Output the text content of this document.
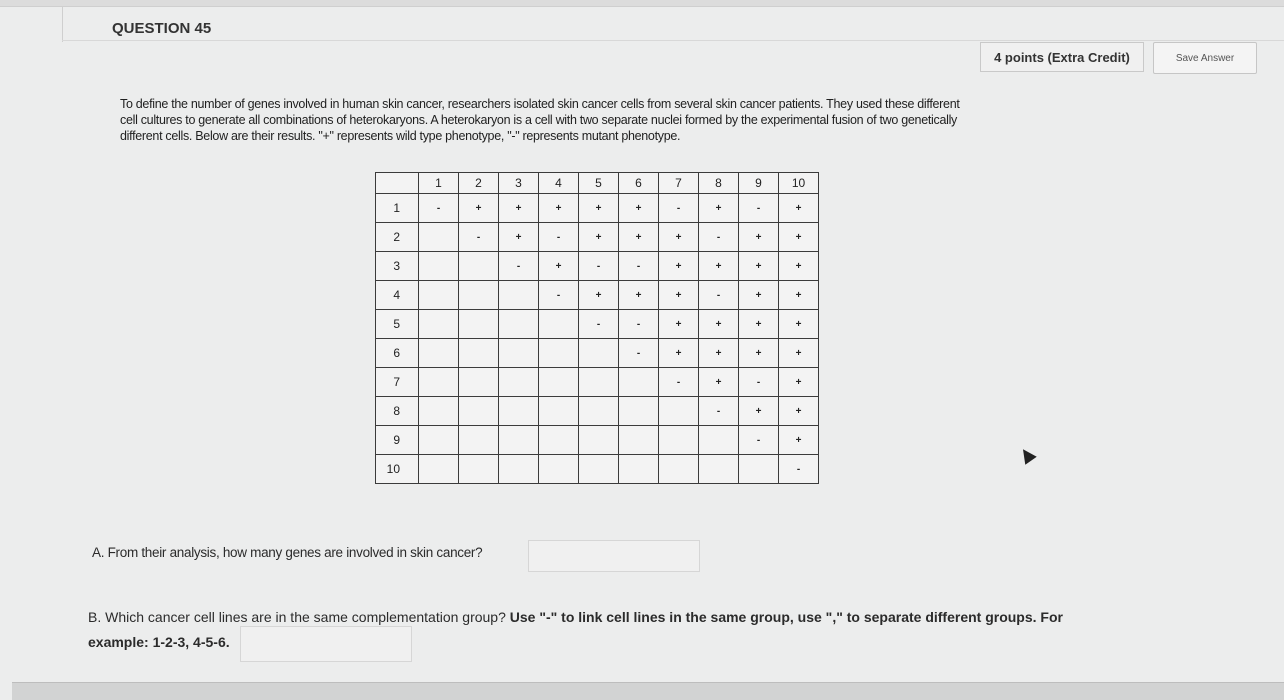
QUESTION 45
4 points (Extra Credit)	Save Answer

To define the number of genes involved in human skin cancer, researchers isolated skin cancer cells from several skin cancer patients. They used these different

cell cultures to generate all combinations of heterokaryons. A heterokaryon is a cell with two separate nuclei formed by the experimental fusion of two genetically

different cells. Below are their results. "+" represents wild type phenotype, "-" represents mutant phenotype.

	1	2	3	4	5	6	7	8	9	10
1	-	+	+	+	+	+	-	+	-	+
2		-	+	-	+	+	+	-	+	+
3			-	+	-	-	+	+	+	+
4				-	+	+	+	-	+	+
5					-	-	+	+	+	+
6						-	+	+	+	+
7							-	+	-	+
8								-	+	+
9									-	+
10										-
A. From their analysis, how many genes are involved in skin cancer?
B. Which cancer cell lines are in the same complementation group? Use "-" to link cell lines in the same group, use "," to separate different groups. For example: 1-2-3, 4-5-6.
